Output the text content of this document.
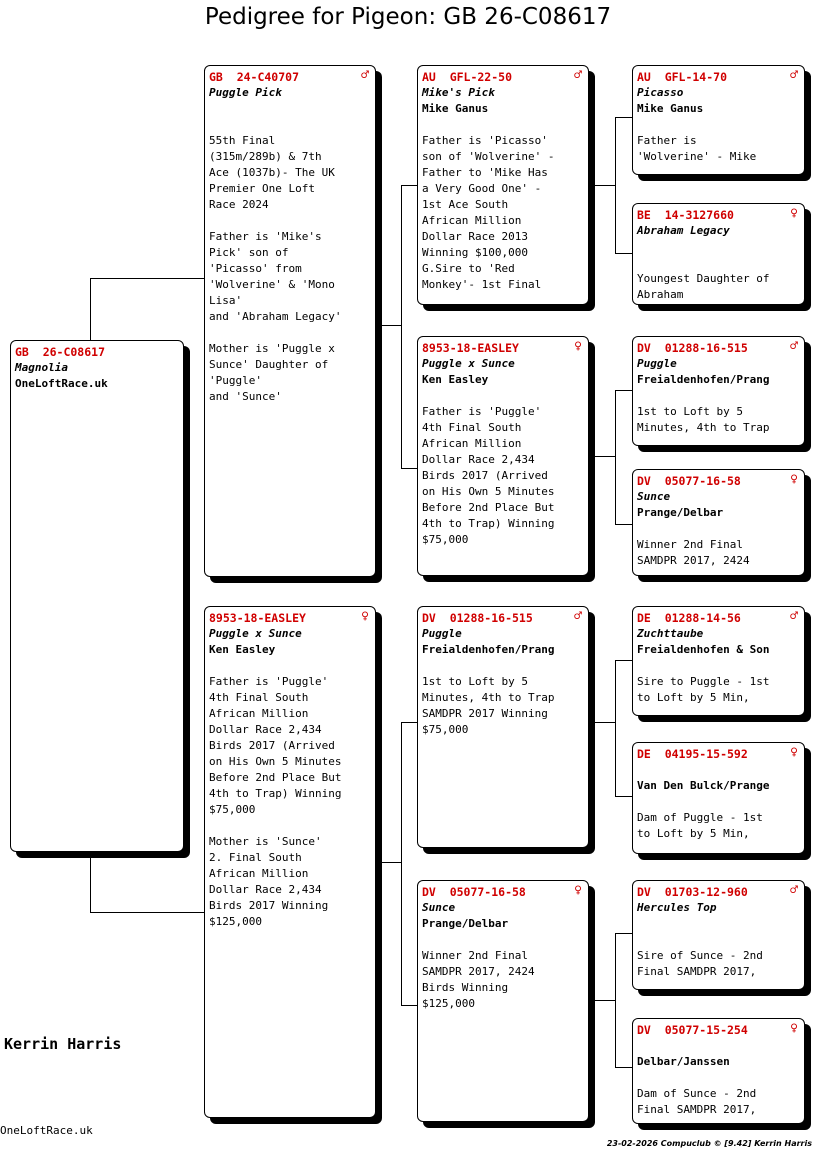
Pedigree for Pigeon: GB 26-C08617
GB  26-C08617
Magnolia
OneLoftRace.uk
GB  24-C40707	♂
Puggle Pick
55th Final
(315m/289b) & 7th
Ace (1037b)- The UK
Premier One Loft
Race 2024

Father is 'Mike's
Pick' son of
'Picasso' from
'Wolverine' & 'Mono
Lisa'
and 'Abraham Legacy'

Mother is 'Puggle x
Sunce' Daughter of
'Puggle'
and 'Sunce'
8953-18-EASLEY	♀
Puggle x Sunce
Ken Easley
Father is 'Puggle'
4th Final South
African Million
Dollar Race 2,434
Birds 2017 (Arrived
on His Own 5 Minutes
Before 2nd Place But
4th to Trap) Winning
$75,000

Mother is 'Sunce'
2. Final South
African Million
Dollar Race 2,434
Birds 2017 Winning
$125,000
AU  GFL-22-50	♂
Mike's Pick
Mike Ganus
Father is 'Picasso'
son of 'Wolverine' -
Father to 'Mike Has
a Very Good One' -
1st Ace South
African Million
Dollar Race 2013
Winning $100,000
G.Sire to 'Red
Monkey'- 1st Final
8953-18-EASLEY	♀
Puggle x Sunce
Ken Easley
Father is 'Puggle'
4th Final South
African Million
Dollar Race 2,434
Birds 2017 (Arrived
on His Own 5 Minutes
Before 2nd Place But
4th to Trap) Winning
$75,000
DV  01288-16-515	♂
Puggle
Freialdenhofen/Prang
1st to Loft by 5
Minutes, 4th to Trap
SAMDPR 2017 Winning
$75,000
DV  05077-16-58	♀
Sunce
Prange/Delbar
Winner 2nd Final
SAMDPR 2017, 2424
Birds Winning
$125,000
AU  GFL-14-70	♂
Picasso
Mike Ganus
Father is
'Wolverine' - Mike
BE  14-3127660	♀
Abraham Legacy
Youngest Daughter of
Abraham
DV  01288-16-515	♂
Puggle
Freialdenhofen/Prang
1st to Loft by 5
Minutes, 4th to Trap
DV  05077-16-58	♀
Sunce
Prange/Delbar
Winner 2nd Final
SAMDPR 2017, 2424
DE  01288-14-56	♂
Zuchttaube
Freialdenhofen & Son
Sire to Puggle - 1st
to Loft by 5 Min,
DE  04195-15-592	♀
Van Den Bulck/Prange
Dam of Puggle - 1st
to Loft by 5 Min,
DV  01703-12-960	♂
Hercules Top
Sire of Sunce - 2nd
Final SAMDPR 2017,
DV  05077-15-254	♀
Delbar/Janssen
Dam of Sunce - 2nd
Final SAMDPR 2017,
Kerrin Harris
OneLoftRace.uk
23-02-2026 Compuclub © [9.42] Kerrin Harris
